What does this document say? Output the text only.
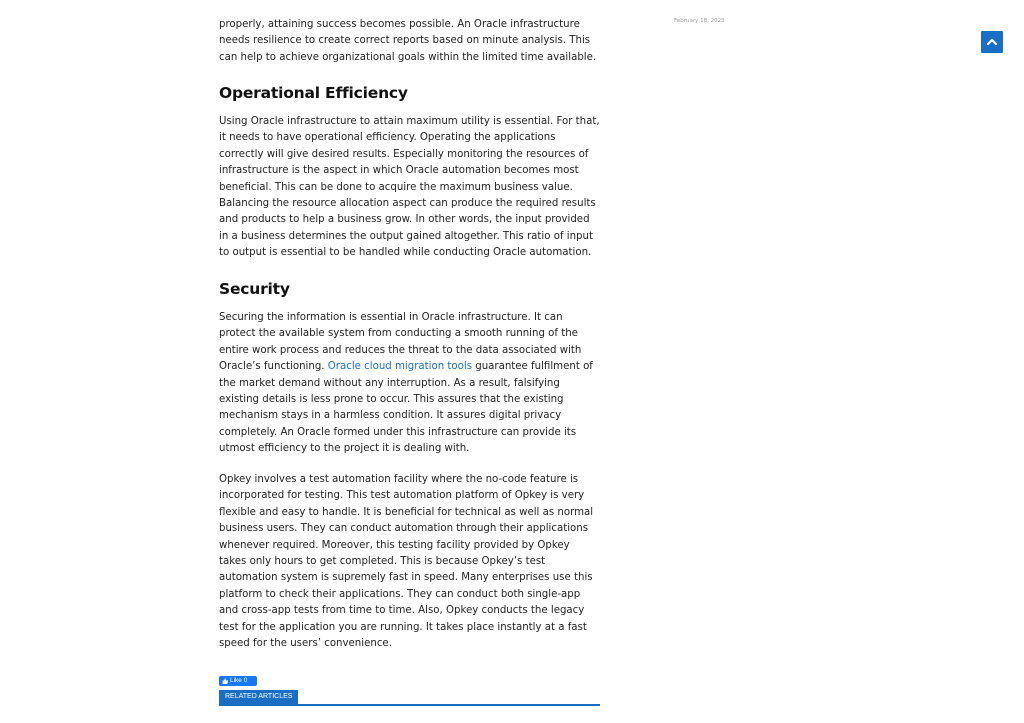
properly, attaining success becomes possible. An Oracle infrastructure needs resilience to create correct reports based on minute analysis. This can help to achieve organizational goals within the limited time available.

Operational Efficiency

Using Oracle infrastructure to attain maximum utility is essential. For that, it needs to have operational efficiency. Operating the applications correctly will give desired results. Especially monitoring the resources of infrastructure is the aspect in which Oracle automation becomes most beneficial. This can be done to acquire the maximum business value. Balancing the resource allocation aspect can produce the required results and products to help a business grow. In other words, the input provided in a business determines the output gained altogether. This ratio of input to output is essential to be handled while conducting Oracle automation.

Security

Securing the information is essential in Oracle infrastructure. It can protect the available system from conducting a smooth running of the entire work process and reduces the threat to the data associated with Oracle’s functioning. Oracle cloud migration tools guarantee fulfilment of the market demand without any interruption. As a result, falsifying existing details is less prone to occur. This assures that the existing mechanism stays in a harmless condition. It assures digital privacy completely. An Oracle formed under this infrastructure can provide its utmost efficiency to the project it is dealing with.

Opkey involves a test automation facility where the no-code feature is incorporated for testing. This test automation platform of Opkey is very flexible and easy to handle. It is beneficial for technical as well as normal business users. They can conduct automation through their applications whenever required. Moreover, this testing facility provided by Opkey takes only hours to get completed. This is because Opkey’s test automation system is supremely fast in speed. Many enterprises use this platform to check their applications. They can conduct both single-app and cross-app tests from time to time. Also, Opkey conducts the legacy test for the application you are running. It takes place instantly at a fast speed for the users’ convenience.

Like 0
RELATED ARTICLES
February 18, 2023
